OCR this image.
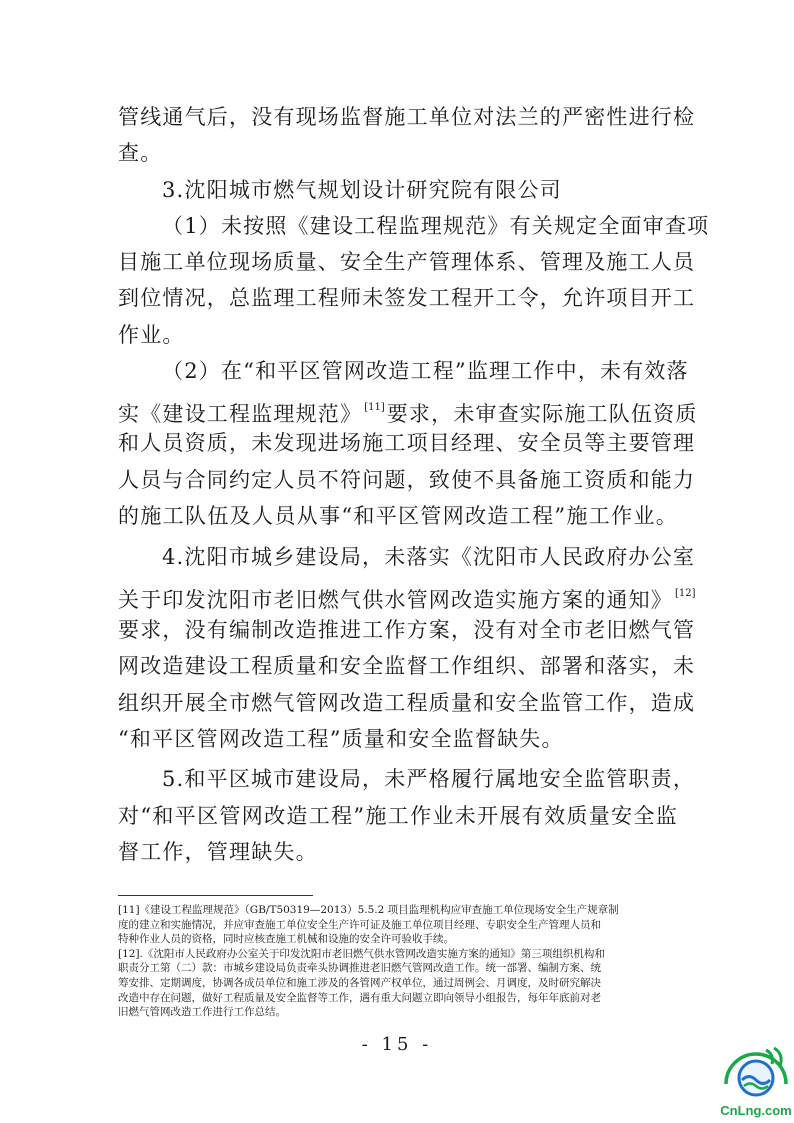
管线通气后，没有现场监督施工单位对法兰的严密性进行检
查。
3.沈阳城市燃气规划设计研究院有限公司
（1）未按照《建设工程监理规范》有关规定全面审查项
目施工单位现场质量、安全生产管理体系、管理及施工人员
到位情况，总监理工程师未签发工程开工令，允许项目开工
作业。
（2）在“和平区管网改造工程”监理工作中，未有效落
实《建设工程监理规范》 [11]要求，未审查实际施工队伍资质
和人员资质，未发现进场施工项目经理、安全员等主要管理
人员与合同约定人员不符问题，致使不具备施工资质和能力
的施工队伍及人员从事“和平区管网改造工程”施工作业。
4.沈阳市城乡建设局，未落实《沈阳市人民政府办公室
关于印发沈阳市老旧燃气供水管网改造实施方案的通知》 [12]
要求，没有编制改造推进工作方案，没有对全市老旧燃气管
网改造建设工程质量和安全监督工作组织、部署和落实，未
组织开展全市燃气管网改造工程质量和安全监管工作，造成
“和平区管网改造工程”质量和安全监督缺失。
5.和平区城市建设局，未严格履行属地安全监管职责，
对“和平区管网改造工程”施工作业未开展有效质量安全监
督工作，管理缺失。
[11]《建设工程监理规范》（GB/T50319—2013）5.5.2 项目监理机构应审查施工单位现场安全生产规章制
度的建立和实施情况，并应审查施工单位安全生产许可证及施工单位项目经理、专职安全生产管理人员和
特种作业人员的资格，同时应核查施工机械和设施的安全许可验收手续。
[12].《沈阳市人民政府办公室关于印发沈阳市老旧燃气供水管网改造实施方案的通知》第三项组织机构和
职责分工第（二）款：市城乡建设局负责牵头协调推进老旧燃气管网改造工作。统一部署、编制方案、统
筹安排、定期调度，协调各成员单位和施工涉及的各管网产权单位，通过周例会、月调度，及时研究解决
改造中存在问题，做好工程质量及安全监督等工作，遇有重大问题立即向领导小组报告，每年年底前对老
旧燃气管网改造工作进行工作总结。
- 15 -
CnLng.com
